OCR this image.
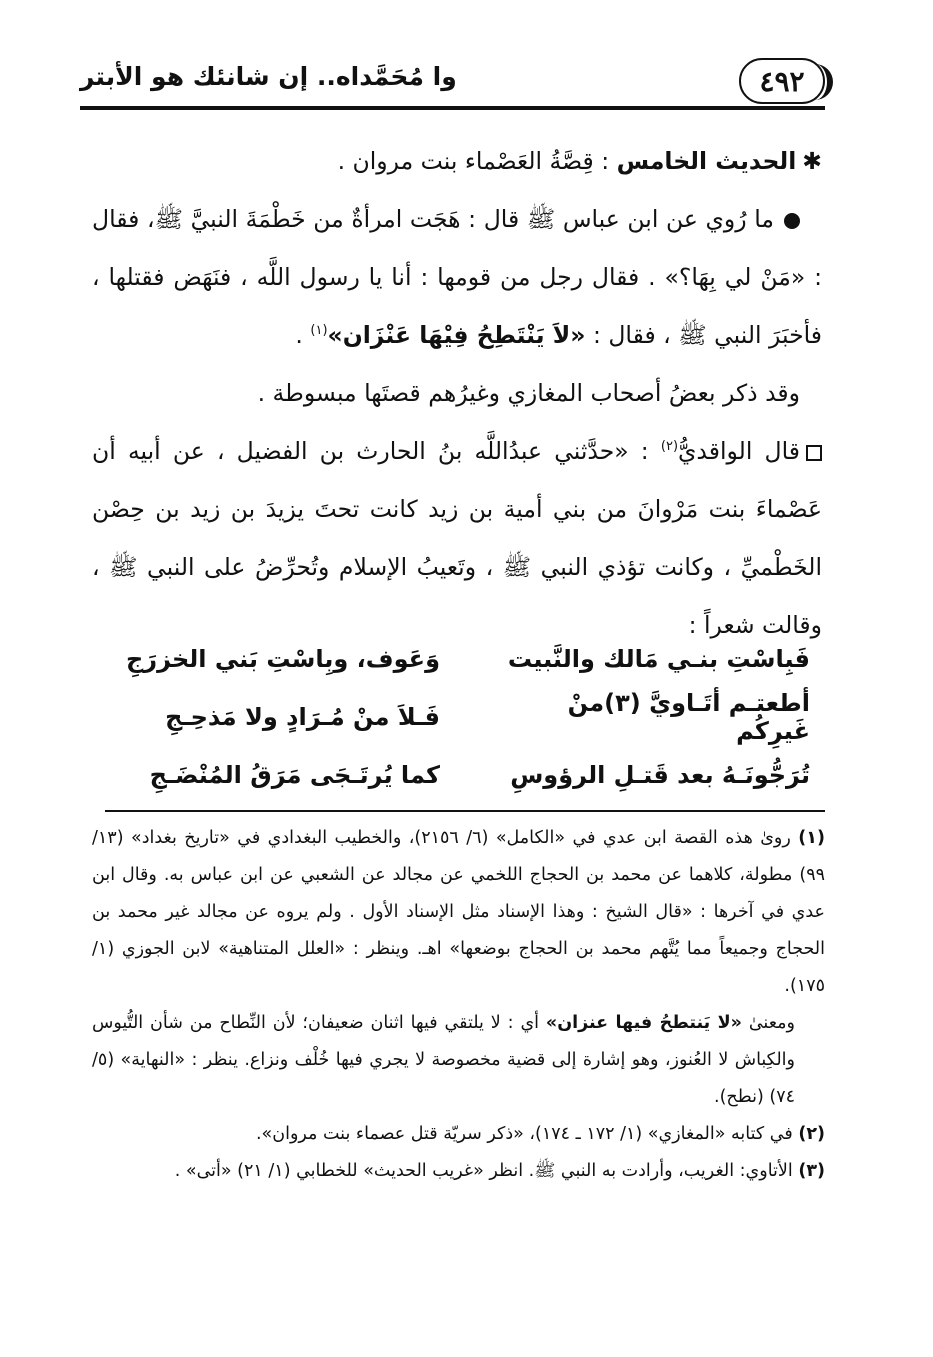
٤٩٢
وا مُحَمَّداه.. إن شانئك هو الأبتر

✱الحديث الخامس : قِصَّةُ العَصْماء بنت مروان .

ما رُوي عن ابن عباس ﷺ قال : هَجَت امرأةٌ من خَطْمَةَ النبيَّ ﷺ، فقال : «مَنْ لي بِهَا؟» . فقال رجل من قومها : أنا يا رسول اللَّه ، فنَهَض فقتلها ، فأخبَرَ النبي ﷺ ، فقال : «لاَ يَنْتَطِحُ فِيْهَا عَنْزَان»$^{(١)}$ .

وقد ذكر بعضُ أصحاب المغازي وغيرُهم قصتَها مبسوطة .

قال الواقديُّ$^{(٢)}$ : «حدَّثني عبدُاللَّه بنُ الحارث بن الفضيل ، عن أبيه أن عَصْماءَ بنت مَرْوانَ من بني أمية بن زيد كانت تحتَ يزيدَ بن زيد بن حِصْن الخَطْميِّ ، وكانت تؤذي النبي ﷺ ، وتَعيبُ الإسلام وتُحرِّضُ على النبي ﷺ ، وقالت شعراً :

فَبِاسْتِ بنـي مَالك والنَّبيت
وَعَوف، وبِاسْتِ بَني الخزرَجِ
أطعتـم أتَـاويَّ (٣)منْ غَيرِكُم
فَـلاَ منْ مُـرَادٍ ولا مَذحِـجِ
تُرَجُّونَـهُ بعد قَتـلِ الرؤوسِ
كما يُرتَـجَى مَرَقُ المُنْضَـجِ

(١) روىٰ هذه القصة ابن عدي في «الكامل» (٦/ ٢١٥٦)، والخطيب البغدادي في «تاريخ بغداد» (١٣/ ٩٩) مطولة، كلاهما عن محمد بن الحجاج اللخمي عن مجالد عن الشعبي عن ابن عباس به. وقال ابن عدي في آخرها : «قال الشيخ : وهذا الإسناد مثل الإسناد الأول . ولم يروه عن مجالد غير محمد بن الحجاج وجميعاً مما يُتَّهم محمد بن الحجاج بوضعها» اهـ. وينظر : «العلل المتناهية» لابن الجوزي (١/ ١٧٥).

ومعنىٰ «لا يَنتطحُ فيها عنزان» أي : لا يلتقي فيها اثنان ضعيفان؛ لأن النِّطاح من شأن التُّيوس والكِباش لا العُنوز، وهو إشارة إلى قضية مخصوصة لا يجري فيها خُلْف ونزاع. ينظر : «النهاية» (٥/ ٧٤) (نطح).

(٢) في كتابه «المغازي» (١/ ١٧٢ ـ ١٧٤)، «ذكر سريّة قتل عصماء بنت مروان».

(٣) الأتاوي: الغريب، وأرادت به النبي ﷺ. انظر «غريب الحديث» للخطابي (١/ ٢١) «أتى» .
